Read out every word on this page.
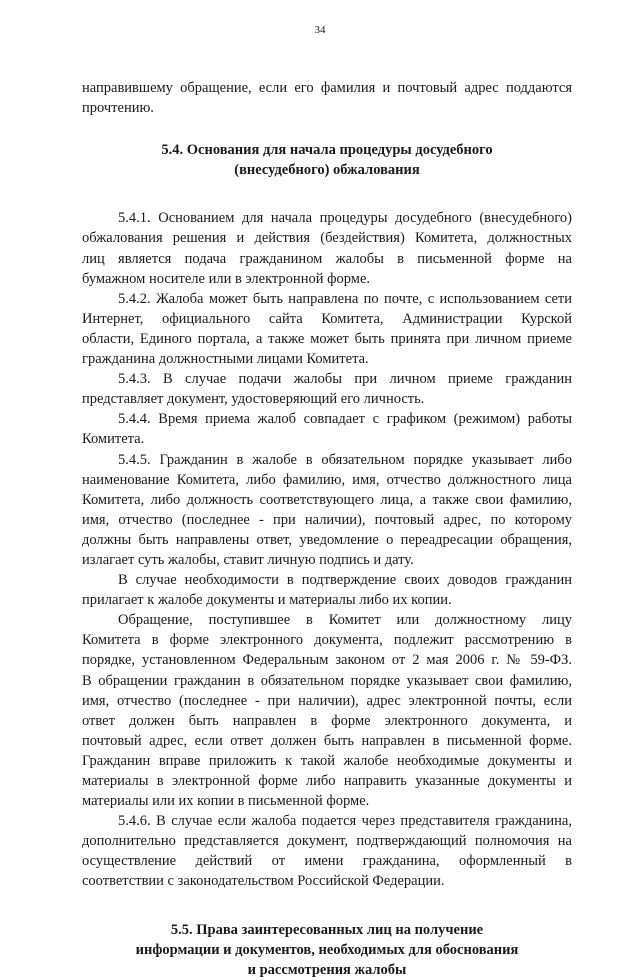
34
направившему обращение, если его фамилия и почтовый адрес поддаются
прочтению.
5.4. Основания для начала процедуры досудебного
(внесудебного) обжалования
5.4.1. Основанием для начала процедуры досудебного (внесудебного)
обжалования решения и действия (бездействия) Комитета, должностных
лиц является подача гражданином жалобы в письменной форме на
бумажном носителе или в электронной форме.
5.4.2. Жалоба может быть направлена по почте, с использованием сети
Интернет, официального сайта Комитета, Администрации Курской
области, Единого портала, а также может быть принята при личном приеме
гражданина должностными лицами Комитета.
5.4.3. В случае подачи жалобы при личном приеме гражданин
представляет документ, удостоверяющий его личность.
5.4.4. Время приема жалоб совпадает с графиком (режимом) работы
Комитета.
5.4.5. Гражданин в жалобе в обязательном порядке указывает либо
наименование Комитета, либо фамилию, имя, отчество должностного лица
Комитета, либо должность соответствующего лица, а также свои фамилию,
имя, отчество (последнее - при наличии), почтовый адрес, по которому
должны быть направлены ответ, уведомление о переадресации обращения,
излагает суть жалобы, ставит личную подпись и дату.
В случае необходимости в подтверждение своих доводов гражданин
прилагает к жалобе документы и материалы либо их копии.
Обращение, поступившее в Комитет или должностному лицу
Комитета в форме электронного документа, подлежит рассмотрению в
порядке, установленном Федеральным законом от 2 мая 2006 г. № 59-ФЗ.
В обращении гражданин в обязательном порядке указывает свои фамилию,
имя, отчество (последнее - при наличии), адрес электронной почты, если
ответ должен быть направлен в форме электронного документа, и
почтовый адрес, если ответ должен быть направлен в письменной форме.
Гражданин вправе приложить к такой жалобе необходимые документы и
материалы в электронной форме либо направить указанные документы и
материалы или их копии в письменной форме.
5.4.6. В случае если жалоба подается через представителя гражданина,
дополнительно представляется документ, подтверждающий полномочия на
осуществление действий от имени гражданина, оформленный в
соответствии с законодательством Российской Федерации.
5.5. Права заинтересованных лиц на получение
информации и документов, необходимых для обоснования
и рассмотрения жалобы
